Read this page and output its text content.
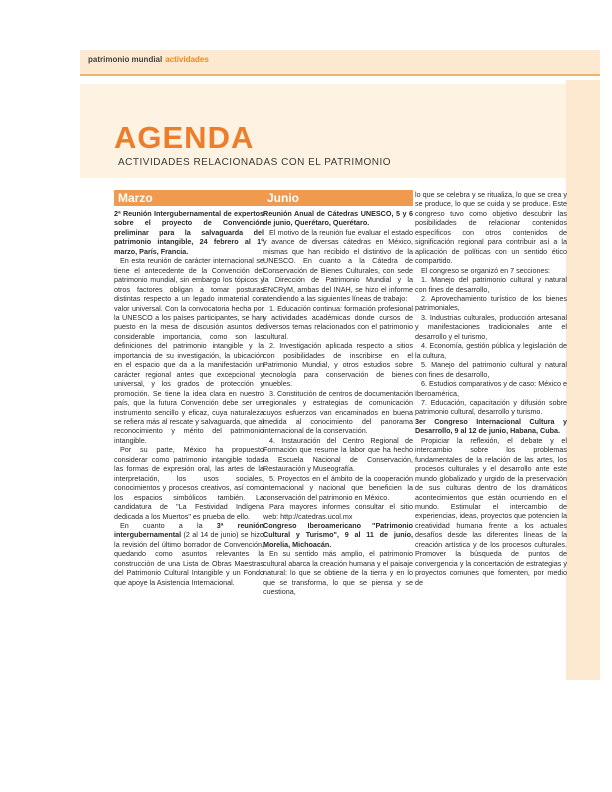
patrimonio mundial actividades
AGENDA
ACTIVIDADES RELACIONADAS CON EL PATRIMONIO
Marzo

2ª Reunión Intergubernamental de expertos sobre el proyecto de Convención preliminar para la salvaguarda del patrimonio intangible, 24 febrero al 1° marzo, París, Francia.

En esta reunión de carácter internacional se tiene el antecedente de la Convención del patrimonio mundial, sin embargo los tópicos y otros factores obligan a tomar posturas distintas respecto a un legado inmaterial con valor universal. Con la convocatoria hecha por la UNESCO a los países participantes, se han puesto en la mesa de discusión asuntos de considerable importancia, como son las definiciones del patrimonio intangible y la importancia de su investigación, la ubicación en el espacio que da a la manifestación un carácter regional antes que excepcional y universal, y los grados de protección y promoción. Se tiene la idea clara en nuestro país, que la futura Convención debe ser un instrumento sencillo y eficaz, cuya naturaleza se refiera más al rescate y salvaguarda, que al reconocimiento y mérito del patrimonio intangible.

Por su parte, México ha propuesto considerar como patrimonio intangible todas las formas de expresión oral, las artes de la interpretación, los usos sociales, conocimientos y procesos creativos, así como los espacios simbólicos también. La candidatura de "La Festividad Indígena dedicada a los Muertos" es prueba de ello.

En cuanto a la 3ª reunión intergubernamental (2 al 14 de junio) se hizo la revisión del último borrador de Convención, quedando como asuntos relevantes la construcción de una Lista de Obras Maestras del Patrimonio Cultural Intangible y un Fondo que apoye la Asistencia Internacional.

Junio

Reunión Anual de Cátedras UNESCO, 5 y 6 de junio, Querétaro, Querétaro.

El motivo de la reunión fue evaluar el estado y avance de diversas cátedras en México, mismas que han recibido el distintivo de la UNESCO. En cuanto a la Cátedra de Conservación de Bienes Culturales, con sede la Dirección de Patrimonio Mundial y la ENCRyM, ambas del INAH, se hizo el informe atendiendo a las siguientes líneas de trabajo:

1. Educación continua: formación profesional y actividades académicas donde cursos de diversos temas relacionados con el patrimonio cultural.

2. Investigación aplicada respecto a sitios con posibilidades de inscribirse en el Patrimonio Mundial, y otros estudios sobre tecnología para conservación de bienes muebles.

3. Constitución de centros de documentación regionales y estrategias de comunicación cuyos esfuerzos van encaminados en buena medida al conocimiento del panorama internacional de la conservación.

4. Instauración del Centro Regional de Formación que resume la labor que ha hecho la Escuela Nacional de Conservación, Restauración y Museografía.

5. Proyectos en el ámbito de la cooperación internacional y nacional que beneficien la conservación del patrimonio en México.

Para mayores informes consultar el sitio web: http://catedras.ucol.mx

Congreso Iberoamericano "Patrimonio Cultural y Turismo", 9 al 11 de junio, Morelia, Michoacán.

En su sentido más amplio, el patrimonio cultural abarca la creación humana y el paisaje natural: lo que se obtiene de la tierra y en lo que se transforma, lo que se piensa y se cuestiona,

lo que se celebra y se ritualiza, lo que se crea y se produce, lo que se cuida y se produce. Este congreso tuvo como objetivo descubrir las posibilidades de relacionar contenidos específicos con otros contenidos de significación regional para contribuir así a la aplicación de políticas con un sentido ético compartido.

El congreso se organizó en 7 secciones:

1. Manejo del patrimonio cultural y natural con fines de desarrollo,

2. Aprovechamiento turístico de los bienes patrimoniales,

3. Industrias culturales, producción artesanal y manifestaciones tradicionales ante el desarrollo y el turismo,

4. Economía, gestión pública y legislación de la cultura,

5. Manejo del patrimonio cultural y natural con fines de desarrollo,

6. Estudios comparativos y de caso: México e Iberoamérica,

7. Educación, capacitación y difusión sobre patrimonio cultural, desarrollo y turismo.

3er Congreso Internacional Cultura y Desarrollo, 9 al 12 de junio, Habana, Cuba.

Propiciar la reflexión, el debate y el intercambio sobre los problemas fundamentales de la relación de las artes, los procesos culturales y el desarrollo ante este mundo globalizado y urgido de la preservación de sus culturas dentro de los dramáticos acontecimientos que están ocurriendo en el mundo. Estimular el intercambio de experiencias, ideas, proyectos que potencien la creatividad humana frente a los actuales desafíos desde las diferentes líneas de la creación artística y de los procesos culturales. Promover la búsqueda de puntos de convergencia y la concertación de estrategias y proyectos comunes que fomenten, por medio de
